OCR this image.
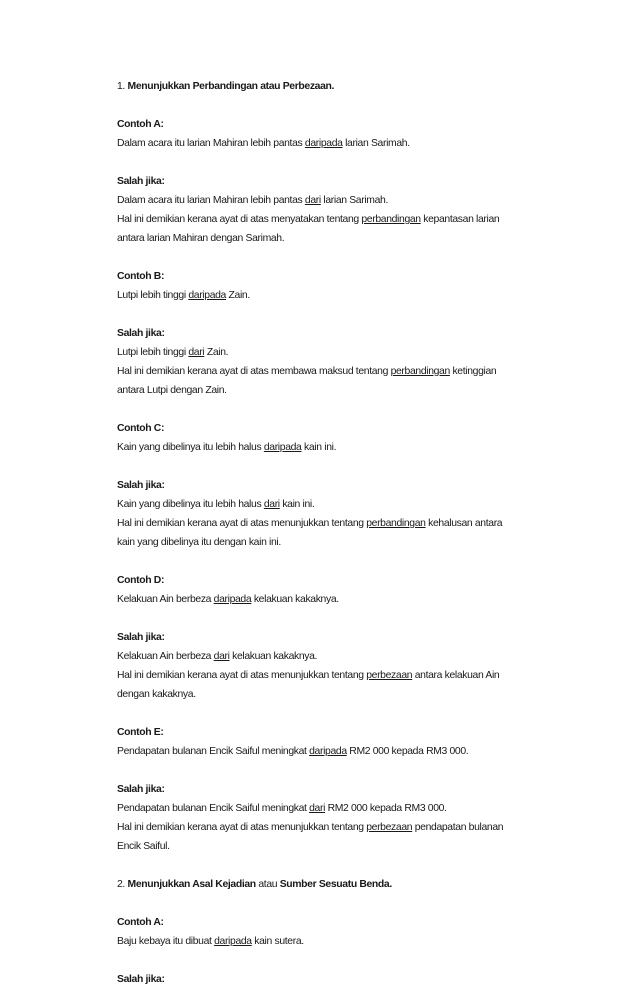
1. Menunjukkan Perbandingan atau Perbezaan.
Contoh A:
Dalam acara itu larian Mahiran lebih pantas daripada larian Sarimah.
Salah jika:
Dalam acara itu larian Mahiran lebih pantas dari larian Sarimah.
Hal ini demikian kerana ayat di atas menyatakan tentang perbandingan kepantasan larian
antara larian Mahiran dengan Sarimah.
Contoh B:
Lutpi lebih tinggi daripada Zain.
Salah jika:
Lutpi lebih tinggi dari Zain.
Hal ini demikian kerana ayat di atas membawa maksud tentang perbandingan ketinggian
antara Lutpi dengan Zain.
Contoh C:
Kain yang dibelinya itu lebih halus daripada kain ini.
Salah jika:
Kain yang dibelinya itu lebih halus dari kain ini.
Hal ini demikian kerana ayat di atas menunjukkan tentang perbandingan kehalusan antara
kain yang dibelinya itu dengan kain ini.
Contoh D:
Kelakuan Ain berbeza daripada kelakuan kakaknya.
Salah jika:
Kelakuan Ain berbeza dari kelakuan kakaknya.
Hal ini demikian kerana ayat di atas menunjukkan tentang perbezaan antara kelakuan Ain
dengan kakaknya.
Contoh E:
Pendapatan bulanan Encik Saiful meningkat daripada RM2 000 kepada RM3 000.
Salah jika:
Pendapatan bulanan Encik Saiful meningkat dari RM2 000 kepada RM3 000.
Hal ini demikian kerana ayat di atas menunjukkan tentang perbezaan pendapatan bulanan
Encik Saiful.
2. Menunjukkan Asal Kejadian atau Sumber Sesuatu Benda.
Contoh A:
Baju kebaya itu dibuat daripada kain sutera.
Salah jika:
